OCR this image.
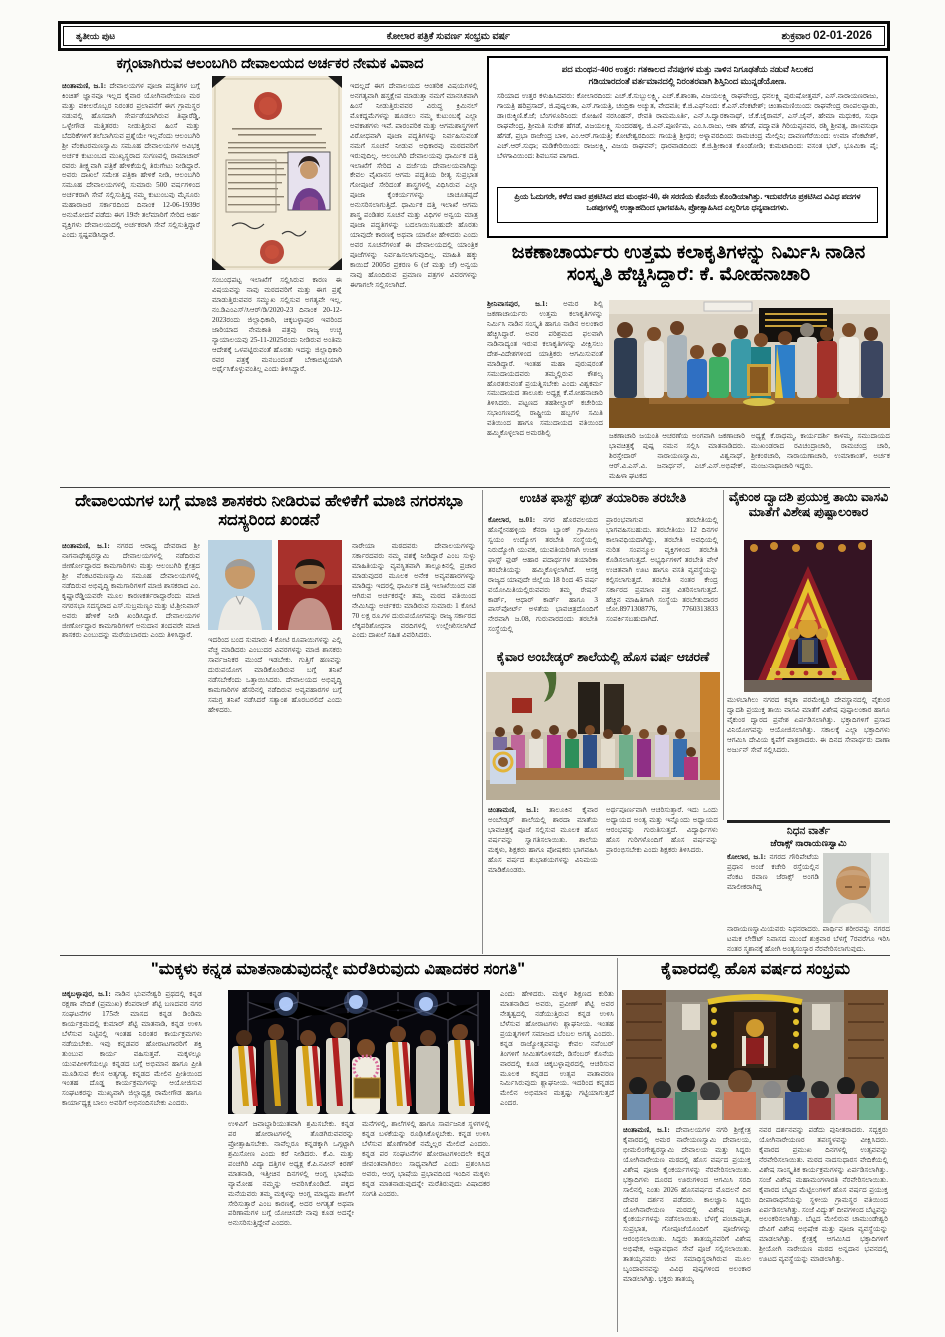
ತೃತೀಯ ಪುಟ	ಕೋಲಾರ ಪತ್ರಿಕೆ ಸುವರ್ಣ ಸಂಭ್ರಮ ವರ್ಷ	ಶುಕ್ರವಾರ 02-01-2026
ಕಗ್ಗಂಟಾಗಿರುವ ಆಲಂಬಗಿರಿ ದೇವಾಲಯದ ಅರ್ಚಕರ ನೇಮಕ ವಿವಾದ
ಚಿಂತಾಮಣಿ, ಜ.1: ದೇವಾಲಯಗಳ ಪೂಜಾ ಪದ್ಧತಿಗಳ ಬಗ್ಗೆ ಕಿಂಚಿತ್ ಜ್ಞಾನವೂ ಇಲ್ಲದ ಕೈವಾರ ಯೋಗಿನಾರೇಯಣ ಮಠ ಮತ್ತು ವಕೀಲರೊಬ್ಬರ ನಿರಂತರ ಪ್ರಲಾಪನೆಗೆ ಈಗ ಗ್ರಾಮಸ್ಥರ ನಡುವಲ್ಲಿ ಹೊಸದಾಗಿ ಸೇರ್ಪಡೆಯಾಗಿರುವ ತಿಪ್ಪಾರೆಡ್ಡಿ, ಒಳ್ಳೇಗೌಡ ಮತ್ತಿತರರು ನೀಡುತ್ತಿರುವ ಹಿಂಸೆ ಮತ್ತು ಬೆದರಿಕೆಗಳಿಗೆ ತಲೆಬಾಗಿಸುವ ಪ್ರಶ್ನೆಯೇ ಇಲ್ಲವೆಂದು ಆಲಂಬಗಿರಿ ಶ್ರೀ ವೆಂಕಟರಮಣಸ್ವಾಮಿ ಸಮೂಹ ದೇವಾಲಯಗಳ ಅವಿಭಕ್ತ ಅರ್ಚಕ ಕುಟುಂಬದ ಮುಖ್ಯಸ್ಥರಾದ ಸುಗಣವಲ್ಲಿ ರಾಮಾಚಾರ್ ರವರು ತೀಕ್ಷ್ಣವಾಗಿ ಪತ್ರಿಕೆ ಹೇಳಿಕೆಯಲ್ಲಿ ತಿರುಗೇಟು ನೀಡಿದ್ದಾರೆ. ಅವರು ದಾಖಲೆ ಸಮೇತ ಪತ್ರಿಕಾ ಹೇಳಿಕೆ ನೀಡಿ, ಆಲಂಬಗಿರಿ ಸಮೂಹ ದೇವಾಲಯಗಳಲ್ಲಿ ಸುಮಾರು 500 ವರ್ಷಗಳಿಂದ ಅರ್ಚಕರಾಗಿ ಸೇವೆ ಸಲ್ಲಿಸುತ್ತಿದ್ದ ನಮ್ಮ ಕುಟುಂಬವು ಮೈಸೂರು ಮಹಾರಾಜರ ಸರ್ಕಾರದಿಂದ ದಿನಾಂಕ 12-06-1939ರ ಅನುಮೋದನೆ ಪಡೆದು ಈಗ 19ನೇ ತಲೆಮಾರಿಗೆ ಸೇರಿದ ಅರ್ಹ ವ್ಯಕ್ತಿಗಳು ದೇವಾಲಯದಲ್ಲಿ ಅರ್ಚಕರಾಗಿ ಸೇವೆ ಸಲ್ಲಿಸುತ್ತಿದ್ದಾರೆ ಎಂದು ಸ್ಪಷ್ಟಪಡಿಸಿದ್ದಾರೆ.
ಸಂಬಂಧಪಟ್ಟ ಇಲಾಖೆಗೆ ಸಲ್ಲಿಸಿರುವ ಕಾರಣ ಈ ವಿಷಯವನ್ನು ನಾವು ಮಠದವರಿಗೆ ಮತ್ತು ಈಗ ಪ್ರಶ್ನೆ ಮಾಡುತ್ತಿರುವವರ ಸಮ್ಮುಖ ಸಲ್ಲಿಸುವ ಅಗತ್ಯವೇ ಇಲ್ಲ. ನಂ.ಡಿಎಂಎಸ್/ಸಿಆರ್/ಡಿ/2020-23 ದಿನಾಂಕ 20-12-2023ರಂದು ಜಿಲ್ಲಾಧಿಕಾರಿ, ಚಿಕ್ಕಬಳ್ಳಾಪುರ ಇವರಿಂದ ಜಾರಿಯಾದ ನೇಮಕಾತಿ ಪತ್ರವು ರಾಜ್ಯ ಉಚ್ಚ ನ್ಯಾಯಾಲಯವು 25-11-2025ರಂದು ನೀಡಿರುವ ಅಂತಿಮ ಆದೇಶಕ್ಕೆ ಒಳಪಟ್ಟಿರುವಂತೆ ಹೊರತು ಇದನ್ನು ಜಿಲ್ಲಾಧಿಕಾರಿ ರವರ ಪತ್ರಕ್ಕೆ ಮನಬಂದಂತೆ ಬೇಕಾಬಿಟ್ಟಿಯಾಗಿ ಅರ್ಥೈಸಿಕೊಳ್ಳುವಂತಿಲ್ಲ ಎಂದು ತಿಳಿಸಿದ್ದಾರೆ.
ಇದಲ್ಲದೆ ಈಗ ದೇವಾಲಯದ ಆಂತರಿಕ ವಿಷಯಗಳಲ್ಲಿ ಅನಗತ್ಯವಾಗಿ ಹಸ್ತಕ್ಷೇಪ ಮಾಡುತ್ತಾ ನಮಗೆ ಮಾನಸಿಕವಾಗಿ ಹಿಂಸೆ ನೀಡುತ್ತಿರುವವರ ವಿರುದ್ಧ ಕ್ರಿಮಿನಲ್ ಮೊಕದ್ದಮೆಗಳನ್ನು ಹೂಡಲು ನಮ್ಮ ಕುಟುಂಬಕ್ಕೆ ಎಲ್ಲಾ ಅವಕಾಶಗಳು ಇವೆ. ಪಾರಂಪರಿಕ ಮತ್ತು ಆಗಮಶಾಸ್ತ್ರಗಳಿಗೆ ವಿರೋಧವಾಗಿ ಪೂಜಾ ಪದ್ಧತಿಗಳನ್ನು ನಿರ್ವಹಿಸುವಂತೆ ನಮಗೆ ಸೂಚನೆ ನೀಡುವ ಅಧಿಕಾರವು ಮಠದವರಿಗೆ ಇರುವುದಿಲ್ಲ. ಆಲಂಬಗಿರಿ ದೇವಾಲಯವು ಧಾರ್ಮಿಕ ದತ್ತಿ ಇಲಾಖೆಗೆ ಸೇರಿದ ವಿ ದರ್ಜೆಯ ದೇವಾಲಯವಾಗಿದ್ದು ಕೇವಲ ವೈಖಾನಸ ಆಗಮ ಪದ್ಧತಿಯ ರೀತ್ಯ ಸುಪ್ರಭಾತ ಗೋಪೂಜೆ ಸೇರಿದಂತೆ ಶಾಸ್ತ್ರಗಳಲ್ಲಿ ವಿಧಿಸಿರುವ ಎಲ್ಲಾ ಪೂಜಾ ಕೈಂಕರ್ಯಗಳನ್ನು ಚಾಚೂತಪ್ಪದೆ ಅನುಸರಿಸಲಾಗುತ್ತಿದೆ. ಧಾರ್ಮಿಕ ದತ್ತಿ ಇಲಾಖೆ ಆಗಮ ಶಾಸ್ತ್ರ ಪಂಡಿತರ ಸೂಚನೆ ಮತ್ತು ವಿಧಿಗಳ ಅನ್ವಯ ಮಾತ್ರ ಪೂಜಾ ಪದ್ಧತಿಗಳನ್ನು ಬದಲಾಯಿಸಬಹುದೇ ಹೊರತು ಯಾವುದೇ ಕಾರಣಕ್ಕೆ ಅಥವಾ ಯಾರೋ ಹೇಳಿದರು ಎಂದು ಅವರ ಸೂಚನೆಗಳಂತೆ ಈ ದೇವಾಲಯದಲ್ಲಿ ಯಾಂತ್ರಿಕ ಪೂಜೆಗಳನ್ನು ನಿರ್ವಹಿಸಲಾಗುವುದಿಲ್ಲ. ಮಾಹಿತಿ ಹಕ್ಕು ಕಾಯಿದೆ 2005ರ ಪ್ರಕರಣ 6 (ಜೆ ಮತ್ತು ಜೆ) ಅನ್ವಯ ನಾವು ಹೊಂದಿರುವ ಪ್ರಮಾಣ ಪತ್ರಗಳ ವಿವರಗಳನ್ನು ಈಗಾಗಲೇ ಸಲ್ಲಿಸಲಾಗಿದೆ.
ಪದ ಮಂಥನ-40ರ ಉತ್ತರ: ಗತಕಾಲದ ನೆನಪುಗಳ ಮತ್ತು ನಾಳಿನ ನಿಗೂಢತೆಯ ನಡುವೆ ಸಿಲುಕದ
ಗಡಿಯಾರದಂತೆ ವರ್ತಮಾನದಲ್ಲಿ ನಿರಂತರವಾಗಿ ಶಿಸ್ತಿನಿಂದ ಮುನ್ನಡೆಯೋಣ.
ಸರಿಯಾದ ಉತ್ತರ ಕಳುಹಿಸಿದವರು: ಕೋಲಾರದಿಂದ: ಎಚ್.ಕೆ.ಸುಬ್ಬುಲಕ್ಷ್ಮಿ, ಎಚ್.ಕೆ.ಶಾಂತಾ, ವಿಜಯಲಕ್ಷ್ಮಿ ರಾಘವೇಂದ್ರ, ಧನಲಕ್ಷ್ಮಿ ಪುರುಷೋತ್ತಮ್, ಎಸ್.ನಾರಾಯಣರಾಜು, ಗಾಯತ್ರಿ ಹರಿಪ್ರಸಾದ್, ಜಿ.ಪುಷ್ಪಲತಾ, ಎಸ್.ಗಾಯತ್ರಿ, ಚಂದ್ರಿಕಾ ಅಚ್ಯುತ, ವೇದವತಿ; ಕೆ.ಜಿ.ಎಫ್‌ನಿಂದ: ಕೆ.ಎಸ್.ವೆಂಕಟೇಶ್; ಚಿಂತಾಮಣಿಯಿಂದ: ರಾಘವೇಂದ್ರ ರಾಂಪಲಪ್ಪಾಡು, ಡಾ।ರುಕ್ಮಿಣಿ.ಕೆ.ಜೆ; ಬೆಂಗಳೂರಿನಿಂದ: ರೋಹಿಣಿ ನರಸಿಂಹನ್, ರೇವತಿ ರಾಮಮೂರ್ತಿ, ಎನ್.ಸಿ.ದ್ವಾರಕಾನಾಥ್, ಜೆ.ಕೆ.ಜೈರಾಮ್, ಎಸ್.ಜೈನ್, ಹೇಮಾ ಮಧುಕರ, ಸುಧಾ ರಾಘವೇಂದ್ರ, ಶ್ರೀಮತಿ ಸುರೇಶ ಹೆಗಡೆ, ವಿಜಯಲಕ್ಷ್ಮಿ ಸುಂದರಹಳ್ಳಿ, ಜಿ.ಎನ್.ಪೂರ್ಣಿಮ, ಎಂ.ಸಿ.ರಾಜು, ಆಶಾ ಹೆಗಡೆ, ಪದ್ಮಾವತಿ ಗಿರಿಯಪ್ಪನವರ, ರಶ್ಮಿ ಶ್ರೀವತ್ಸ, ಡಾ।ವಸುಧಾ ಹೆಗಡೆ, ಪ್ರಭಾ ರಾಜೇಂದ್ರ ಬಾಳಿ, ಎಂ.ಆರ್.ಗಾಯತ್ರಿ; ಕೋಟೇಶ್ವರದಿಂದ: ಗಾಯತ್ರಿ ಶ್ರೀಧರ; ಅಳ್ನಾವರದಿಂದ: ರಾಮಚಂದ್ರ ಮೇಲ್ಗಿನಿ; ದಾವಣಗೆರೆಯಿಂದ: ಉಮಾ ವೆಂಕಟೇಶ್, ಎಚ್.ಆರ್.ಸುಧಾ; ಮಡಿಕೇರಿಯಿಂದ: ರಾಜಲಕ್ಷ್ಮಿ, ವಿಜಯ ರಾಘವನ್; ಧಾರವಾಡದಿಂದ: ಕೆ.ಜಿ.ಶ್ರೀಕಾಂತ ಕೊಂಡೋಡಿ; ಕುಮಟಾದಿಂದ: ವಸಂತ ಭಟ್, ಭೂಮಿಕಾ ಪೈ; ಬೆಳಗಾವಿಯಿಂದ: ಶಿವಬಸವ ಪಾಗಾದ.
ಪ್ರಿಯ ಓದುಗರೇ, ಕಳೆದ ವಾರ ಪ್ರಕಟಿಸಿದ ಪದ ಮಂಥನ-40, ಈ ಸರಣಿಯ ಕೊನೆಯ ಕೊಂಡಿಯಾಗಿತ್ತು. ಇದುವರೆಗೂ ಪ್ರಕಟಿಸಿದ ವಿವಿಧ ಪದಗಳ ಒಡಪುಗಳಲ್ಲಿ ಉತ್ಸಾಹದಿಂದ ಭಾಗವಹಿಸಿ, ಪ್ರೋತ್ಸಾಹಿಸಿದ ಎಲ್ಲರಿಗೂ ಧನ್ಯವಾದಗಳು.
ಜಕಣಾಚಾರ್ಯರು ಉತ್ತಮ ಕಲಾಕೃತಿಗಳನ್ನು ನಿರ್ಮಿಸಿ ನಾಡಿನ ಸಂಸ್ಕೃತಿ ಹೆಚ್ಚಿಸಿದ್ದಾರೆ: ಕೆ. ಮೋಹನಾಚಾರಿ
ಶ್ರೀನಿವಾಸಪುರ, ಜ.1: ಅಮರ ಶಿಲ್ಪಿ ಜಕಣಾಚಾರ್ಯರು ಉತ್ತಮ ಕಲಾಕೃತಿಗಳನ್ನು ನಿರ್ಮಿಸಿ ನಾಡಿನ ಸಂಸ್ಕೃತಿ ಹಾಗೂ ನಾಡಿನ ಅಲಂಕಾರ ಹೆಚ್ಚಿಸಿದ್ದಾರೆ. ಅವರ ಪರಿಶ್ರಮದ ಫಲವಾಗಿ ನಾಡಿನಾದ್ಯಂತ ಇರುವ ಕಲಾಕೃತಿಗಳನ್ನು ವೀಕ್ಷಿಸಲು ದೇಶ-ವಿದೇಶಗಳಿಂದ ಯಾತ್ರಿಕರು ಆಗಮಿಸುವಂತೆ ಮಾಡಿದ್ದಾರೆ. ಇಂತಹ ಮಹಾ ಪುರುಷರಂತೆ ಸಮುದಾಯದವರು ತಮ್ಮಲ್ಲಿರುವ ಕೌಶಲ್ಯ ಹೊರತರುವಂತೆ ಪ್ರಯತ್ನಿಸಬೇಕು ಎಂದು ವಿಶ್ವಕರ್ಮ ಸಮುದಾಯದ ತಾಲೂಕು ಅಧ್ಯಕ್ಷ ಕೆ.ಮೋಹನಾಚಾರಿ ತಿಳಿಸಿದರು. ಪಟ್ಟಣದ ತಹಶೀಲ್ದಾರ್ ಕಚೇರಿಯ ಸಭಾಂಗಣದಲ್ಲಿ ರಾಷ್ಟ್ರೀಯ ಹಬ್ಬಗಳ ಸಮಿತಿ ವತಿಯಿಂದ ಹಾಗೂ ಸಮುದಾಯದ ವತಿಯಿಂದ ಹಮ್ಮಿಕೊಳ್ಳಲಾದ ಅಮರಶಿಲ್ಪಿ	ಜಕಣಾಚಾರಿ ಜಯಂತಿ ಆಚರಣೆಯ ಅಂಗವಾಗಿ ಜಕಣಾಚಾರಿ ಭಾವಚಿತ್ರಕ್ಕೆ ಪುಷ್ಪ ನಮನ ಸಲ್ಲಿಸಿ ಮಾತನಾಡಿದರು. ಶಿರಸ್ತೇದಾರ್ ನಾರಾಯಣಸ್ವಾಮಿ, ವಿಶ್ವನಾಥ್, ಆರ್.ವಿ.ಎಸ್.ವಿ. ಜನಾರ್ಧನ್, ಎಚ್.ಎಸ್.ಅಭಿಷೇಕ್, ಮಹಿಳಾ ಘಟಕದ
ಅಧ್ಯಕ್ಷೆ ಕೆ.ರಾಧಮ್ಮ, ಕಾರ್ಯದರ್ಶಿ ಕಾಳಮ್ಮ, ಸಮುದಾಯದ ಮುಖಂಡರಾದ ರವಿಚಂದ್ರಾಚಾರಿ, ರಾಮಚಂದ್ರ ಚಾರಿ, ಶ್ರೀಕಂಠಚಾರಿ, ನಾರಾಯಣಾಚಾರಿ, ಉಮಾಕಾಂತ್, ಅರ್ಚಕ ಮಂಜುನಾಥಾಚಾರಿ ಇದ್ದರು.
ದೇವಾಲಯಗಳ ಬಗ್ಗೆ ಮಾಜಿ ಶಾಸಕರು ನೀಡಿರುವ ಹೇಳಿಕೆಗೆ ಮಾಜಿ ನಗರಸಭಾ ಸದಸ್ಯರಿಂದ ಖಂಡನೆ
ಚಿಂತಾಮಣಿ, ಜ.1: ನಗರದ ಆರಾಧ್ಯ ದೇವರಾದ ಶ್ರೀ ನಾಗನಾಥೇಶ್ವರಸ್ವಾಮಿ ದೇವಾಲಯಗಳಲ್ಲಿ ನಡೆದಿರುವ ಜೀರ್ಣೋದ್ಧಾರದ ಕಾಮಗಾರಿಗಳು ಮತ್ತು ಆಲಂಬಗಿರಿ ಕ್ಷೇತ್ರದ ಶ್ರೀ ವೆಂಕಟರಮಣಸ್ವಾಮಿ ಸಮೂಹ ದೇವಾಲಯಗಳಲ್ಲಿ ನಡೆದಿರುವ ಅಭಿವೃದ್ಧಿ ಕಾಮಗಾರಿಗಳಿಗೆ ಮಾಜಿ ಶಾಸಕರಾದ ಎಂ. ಕೃಷ್ಣಾರೆಡ್ಡಿಯವರೇ ಮೂಲ ಕಾರಣಕರ್ತರಾದ್ದಾರೆಂದು ಮಾಜಿ ನಗರಸಭಾ ಸದಸ್ಯರಾದ ಎಸ್.ಸುಬ್ರಮಣ್ಯಂ ಮತ್ತು ಟಿ.ಶ್ರೀನಿವಾಸ್ ಅವರು ಹೇಳಿಕೆ ನೀಡಿ ಖಂಡಿಸಿದ್ದಾರೆ. ದೇವಾಲಯಗಳ ಜೀರ್ಣೋದ್ಧಾರ ಕಾಮಗಾರಿಗಳಿಗೆ ಅನುದಾನ ತಂದವರೇ ಮಾಜಿ ಶಾಸಕರು ಎಂಬುದನ್ನು ಮರೆಯಬಾರದು ಎಂದು ತಿಳಿಸಿದ್ದಾರೆ.
ಇದರಿಂದ ಬಂದ ಸುಮಾರು 4 ಕೋಟಿ ರೂಪಾಯಿಗಳನ್ನು ಎಲ್ಲಿ ವೆಚ್ಚ ಮಾಡಿದರು ಎಂಬುದರ ವಿವರಗಳನ್ನು ಮಾಜಿ ಶಾಸಕರು ಸಾರ್ವಜನಿಕರ ಮುಂದೆ ಇಡಬೇಕು. ಗುತ್ತಿಗೆ ಹಣವನ್ನು ದುರುಪಯೋಗ ಮಾಡಿಕೊಂಡಿರುವ ಬಗ್ಗೆ ತನಿಖೆ ನಡೆಸಬೇಕೆಂದು ಒತ್ತಾಯಿಸಿದರು. ದೇವಾಲಯದ ಅಭಿವೃದ್ಧಿ ಕಾಮಗಾರಿಗಳ ಹೆಸರಿನಲ್ಲಿ ನಡೆದಿರುವ ಅವ್ಯವಹಾರಗಳ ಬಗ್ಗೆ ಸಮಗ್ರ ತನಿಖೆ ನಡೆಸಿದರೆ ಸತ್ಯಾಂಶ ಹೊರಬರಲಿದೆ ಎಂದು ಹೇಳಿದರು.
ನಾರೇಯಾ ಮಠದವರು ದೇವಾಲಯಗಳನ್ನು ಸರ್ಕಾರದವರು ನಮ್ಮ ವಶಕ್ಕೆ ನೀಡಿದ್ದಾರೆ ಎಂಬ ಸುಳ್ಳು ಮಾಹಿತಿಯನ್ನು ವ್ಯವಸ್ಥಿತವಾಗಿ ತಾಲ್ಲೂಕಿನಲ್ಲಿ ಪ್ರಚಾರ ಮಾಡುವುದರ ಮೂಲಕ ಅನೇಕ ಅವ್ಯವಹಾರಗಳನ್ನು ಮಾಡಿದ್ದು ಇದರಲ್ಲಿ ಧಾರ್ಮಿಕ ದತ್ತಿ ಇಲಾಖೆಯಿಂದ ವಶ ಆಗಿರುವ ಅರ್ಚಕರನ್ನೇ ತಮ್ಮ ಮಠದ ವತಿಯಿಂದ ನೇಮಿಸಿದ್ದು ಅರ್ಚಕರು ಮಾಡಿರುವ ಸುಮಾರು 1 ಕೋಟಿ 70 ಲಕ್ಷ ರೂ.ಗಳ ದುರುಪಯೋಗವನ್ನು ರಾಜ್ಯ ಸರ್ಕಾರದ ಲೆಕ್ಕಪರಿಶೋಧನಾ ವರದಿಗಳಲ್ಲಿ ಉಲ್ಲೇಖಿಸಲಾಗಿದೆ ಎಂದು ದಾಖಲೆ ಸಹಿತ ವಿವರಿಸಿದರು.
ಉಚಿತ ಫಾಸ್ಟ್ ಫುಡ್ ತಯಾರಿಕಾ ತರಬೇತಿ
ಕೋಲಾರ, ಜ.01: ನಗರ ಹೊರವಲಯದ ಹೊನ್ನೇನಹಳ್ಳಿಯ ಕೆನರಾ ಬ್ಯಾಂಕ್ ಗ್ರಾಮೀಣ ಸ್ವಯಂ ಉದ್ಯೋಗ ತರಬೇತಿ ಸಂಸ್ಥೆಯಲ್ಲಿ ನಿರುದ್ಯೋಗಿ ಯುವಕ, ಯುವತಿಯರಿಗಾಗಿ ಉಚಿತ ಫಾಸ್ಟ್ ಫುಡ್ ಆಹಾರ ಪದಾರ್ಥಗಳ ತಯಾರಿಕಾ ತರಬೇತಿಯನ್ನು ಹಮ್ಮಿಕೊಳ್ಳಲಾಗಿದೆ. ಆಸಕ್ತ ರಾಜ್ಯದ ಯಾವುದೇ ಜಿಲ್ಲೆಯ 18 ರಿಂದ 45 ವರ್ಷ ವಯೋಮಿತಿಯಲ್ಲಿರುವವರು ತಮ್ಮ ರೇಷನ್ ಕಾರ್ಡ್, ಆಧಾರ್ ಕಾರ್ಡ್ ಹಾಗೂ 3 ಪಾಸ್‌ಪೋರ್ಟ್ ಅಳತೆಯ ಭಾವಚಿತ್ರದೊಂದಿಗೆ ನೇರವಾಗಿ ಜ.08, ಗುರುವಾರದಂದು ತರಬೇತಿ ಸಂಸ್ಥೆಯಲ್ಲಿ
ಪ್ರಾರಂಭವಾಗುವ ತರಬೇತಿಯಲ್ಲಿ ಭಾಗವಹಿಸಬಹುದು. ತರಬೇತಿಯು 12 ದಿನಗಳ ಕಾಲಾವಧಿಯದಾಗಿದ್ದು, ತರಬೇತಿ ಅವಧಿಯಲ್ಲಿ ನುರಿತ ಸಂಪನ್ಮೂಲ ವ್ಯಕ್ತಿಗಳಿಂದ ತರಬೇತಿ ಕೊಡಿಸಲಾಗುತ್ತದೆ. ಅಭ್ಯರ್ಥಿಗಳಿಗೆ ತರಬೇತಿ ವೇಳೆ ಉಚಿತವಾಗಿ ಊಟ ಹಾಗೂ ವಸತಿ ವ್ಯವಸ್ಥೆಯನ್ನು ಕಲ್ಪಿಸಲಾಗುತ್ತದೆ. ತರಬೇತಿ ನಂತರ ಕೇಂದ್ರ ಸರ್ಕಾರದ ಪ್ರಮಾಣ ಪತ್ರ ವಿತರಿಸಲಾಗುತ್ತದೆ. ಹೆಚ್ಚಿನ ಮಾಹಿತಿಗಾಗಿ ಸಂಸ್ಥೆಯ ತರಬೇತುದಾರರ ಜೋ.8971308776, 7760313833 ಸಂಪರ್ಕಿಸಬಹುದಾಗಿದೆ.
ಕೈವಾರ ಅಂಬೇಡ್ಕರ್ ಶಾಲೆಯಲ್ಲಿ ಹೊಸ ವರ್ಷ ಆಚರಣೆ
ಚಿಂತಾಮಣಿ, ಜ.1: ತಾಲೂಕಿನ ಕೈವಾರ ಅಂಬೇಡ್ಕರ್ ಶಾಲೆಯಲ್ಲಿ ಶಾರದಾ ಮಾತೆಯ ಭಾವಚಿತ್ರಕ್ಕೆ ಪೂಜೆ ಸಲ್ಲಿಸುವ ಮೂಲಕ ಹೊಸ ವರ್ಷವನ್ನು ಸ್ವಾಗತಿಸಲಾಯಿತು. ಶಾಲೆಯ ಮಕ್ಕಳು, ಶಿಕ್ಷಕರು ಹಾಗೂ ಪೋಷಕರು ಭಾಗವಹಿಸಿ ಹೊಸ ವರ್ಷದ ಶುಭಾಶಯಗಳನ್ನು ವಿನಿಮಯ ಮಾಡಿಕೊಂಡರು.
ಅರ್ಥಪೂರ್ಣವಾಗಿ ಆಚರಿಸುತ್ತಾರೆ. ಇದು ಒಂದು ಅಧ್ಯಾಯದ ಅಂತ್ಯ ಮತ್ತು ಇನ್ನೊಂದು ಅಧ್ಯಾಯದ ಆರಂಭವನ್ನು ಗುರುತಿಸುತ್ತದೆ. ವಿದ್ಯಾರ್ಥಿಗಳು ಹೊಸ ಗುರಿಗಳೊಂದಿಗೆ ಹೊಸ ವರ್ಷವನ್ನು ಪ್ರಾರಂಭಿಸಬೇಕು ಎಂದು ಶಿಕ್ಷಕರು ತಿಳಿಸಿದರು.
ವೈಕುಂಠ ದ್ವಾದಶಿ ಪ್ರಯುಕ್ತ ತಾಯಿ ವಾಸವಿ ಮಾತೆಗೆ ವಿಶೇಷ ಪುಷ್ಪಾಲಂಕಾರ
ಮುಳಬಾಗಿಲು ನಗರದ ಕನ್ಯಕಾ ಪರಮೇಶ್ವರಿ ದೇವಸ್ಥಾನದಲ್ಲಿ ವೈಕುಂಠ ದ್ವಾದಶಿ ಪ್ರಯುಕ್ತ ತಾಯಿ ವಾಸವಿ ಮಾತೆಗೆ ವಿಶೇಷ ಪುಷ್ಪಾಲಂಕಾರ ಹಾಗೂ ವೈಕುಂಠ ದ್ವಾರದ ಪ್ರವೇಶ ಏರ್ಪಡಿಸಲಾಗಿತ್ತು. ಭಕ್ತಾದಿಗಳಿಗೆ ಪ್ರಸಾದ ವಿನಿಯೋಗವನ್ನು ಆಯೋಜಿಸಲಾಗಿತ್ತು. ಸಕಾಲಕ್ಕೆ ಎಲ್ಲಾ ಭಕ್ತಾದಿಗಳು ಆಗಮಿಸಿ ದೇವಿಯ ಕೃಪೆಗೆ ಪಾತ್ರರಾದರು. ಈ ದಿನದ ಸೇವಾರ್ಥರು ದಾಣಾ ಅರ್ಜುನ್ ಸೇವೆ ಸಲ್ಲಿಸಿದರು.
ನಿಧನ ವಾರ್ತೆ
ಜೆರಾಕ್ಸ್ ನಾರಾಯಣಸ್ವಾಮಿ
ಕೋಲಾರ, ಜ.1: ನಗರದ ಗೌರಿಪೇಟೆಯ ಪ್ರಧಾನ ಅಂಚೆ ಕಚೇರಿ ರಸ್ತೆಯಲ್ಲಿನ ವೆಂಕಟ ರವಾಣ ಜೆರಾಕ್ಸ್ ಅಂಗಡಿ ಮಾಲೀಕರಾಗಿದ್ದ
ನಾರಾಯಣಸ್ವಾಮಿಯವರು ನಿಧನರಾದರು. ಪಾರ್ಥಿವ ಶರೀರವನ್ನು ನಗರದ ಟಮಕ ಲೇಔಟ್ ನಿವಾಸದ ಮುಂದೆ ಶುಕ್ರವಾರ ಬೆಳಗ್ಗೆ 7ರವರೆಗೂ ಇರಿಸಿ ನಂತರ ಸ್ಮಶಾನಕ್ಕೆ ಹೋಗಿ ಅಂತ್ಯಸಂಸ್ಕಾರ ನೆರವೇರಿಸಲಾಗುವುದು.
"ಮಕ್ಕಳು ಕನ್ನಡ ಮಾತನಾಡುವುದನ್ನೇ ಮರೆತಿರುವುದು ವಿಷಾದಕರ ಸಂಗತಿ"
ಚಿಕ್ಕಬಳ್ಳಾಪುರ, ಜ.1: ನಾಡಿನ ಭುವನೇಶ್ವರಿ ಪ್ರಥದಲ್ಲಿ ಕನ್ನಡ ರಕ್ಷಣಾ ವೇದಿಕೆ (ಪ್ರಮುಖ) ಕೆಂಪರಾಜ್ ಶೆಟ್ಟಿ ಬಣದವರ ನಗರ ಸಂಘಟನೆಗಳ 175ನೇ ಮಾಸದ ಕನ್ನಡ ಡಿಂಡಿಮ ಕಾರ್ಯಕ್ರಮದಲ್ಲಿ ಕುಮಾರ್ ಶೆಟ್ಟಿ ಮಾತನಾಡಿ, ಕನ್ನಡ ಉಳಿಸಿ ಬೆಳೆಸುವ ನಿಟ್ಟಿನಲ್ಲಿ ಇಂತಹ ನಿರಂತರ ಕಾರ್ಯಕ್ರಮಗಳು ನಡೆಯಬೇಕು. ಇವು ಕನ್ನಡಪರ ಹೋರಾಟಗಾರರಿಗೆ ಶಕ್ತಿ ತುಂಬುವ ಕಾರ್ಯ ವಹಿಸುತ್ತವೆ. ಮಕ್ಕಳಲ್ಲೂ ಯುವಪೀಳಿಗೆಯಲ್ಲೂ ಕನ್ನಡದ ಬಗ್ಗೆ ಅಭಿಮಾನ ಹಾಗೂ ಪ್ರೀತಿ ಮೂಡಿಸುವ ಕೆಲಸ ಅತ್ಯಗತ್ಯ. ಕನ್ನಡದ ಮೇಲಿನ ಪ್ರೀತಿಯಿಂದ ಇಂತಹ ದೊಡ್ಡ ಕಾರ್ಯಕ್ರಮಗಳನ್ನು ಆಯೋಜಿಸುವ ಸಂಘಟಕರನ್ನು ಮುಖ್ಯವಾಗಿ ಜಿಲ್ಲಾಧ್ಯಕ್ಷ ರಾಮೇಗೌಡ ಹಾಗೂ ಕಾರ್ಯಾಧ್ಯಕ್ಷ ಬಾಲು ಅವರಿಗೆ ಅಭಿನಂದಿಸಬೇಕು ಎಂದರು.
ಉಳಿವಿಗೆ ಜವಾಬ್ದಾರಿಯುತವಾಗಿ ಶ್ರಮಿಸಬೇಕು. ಕನ್ನಡ ಪರ ಹೋರಾಟಗಳಲ್ಲಿ ತೊಡಗಿರುವವರನ್ನು ಪ್ರೋತ್ಸಾಹಿಸಬೇಕು. ನಾವೆಲ್ಲರೂ ಕನ್ನಡಕ್ಕಾಗಿ ಒಗ್ಗಟ್ಟಾಗಿ ಶ್ರಮಿಸೋಣ ಎಂದು ಕರೆ ನೀಡಿದರು. ಕೆ.ವಿ. ಮತ್ತು ಪಂಚಗಿರಿ ವಿದ್ಯಾ ದತ್ತಿಗಳ ಅಧ್ಯಕ್ಷ ಕೆ.ಪಿ.ನವೀನ್ ಕಿರಣ್ ಮಾತನಾಡಿ, ಇತ್ತೀಚಿನ ದಿನಗಳಲ್ಲಿ ಆಂಗ್ಲ ಭಾಷೆಯ ವ್ಯಾಮೋಹ ನಮ್ಮನ್ನು ಆವರಿಸಿಕೊಂಡಿದೆ. ಪಕ್ಕದ ಮನೆಯವರು ತಮ್ಮ ಮಕ್ಕಳನ್ನು ಆಂಗ್ಲ ಮಾಧ್ಯಮ ಶಾಲೆಗೆ ಸೇರಿಸುತ್ತಾರೆ ಎಂಬ ಕಾರಣಕ್ಕೆ, ಅದರ ಅಗತ್ಯತೆ ಅಥವಾ ಪರಿಣಾಮಗಳ ಬಗ್ಗೆ ಯೋಚಿಸದೇ ನಾವು ಕೂಡ ಅದನ್ನೇ ಅನುಸರಿಸುತ್ತಿದ್ದೇವೆ ಎಂದರು.
ಮನೆಗಳಲ್ಲಿ, ಶಾಲೆಗಳಲ್ಲಿ ಹಾಗೂ ಸಾರ್ವಜನಿಕ ಸ್ಥಳಗಳಲ್ಲಿ ಕನ್ನಡ ಬಳಕೆಯನ್ನು ರೂಢಿಸಿಕೊಳ್ಳಬೇಕು. ಕನ್ನಡ ಉಳಿಸಿ ಬೆಳೆಸುವ ಹೊಣೆಗಾರಿಕೆ ನಮ್ಮೆಲ್ಲರ ಮೇಲಿದೆ ಎಂದರು. ಕನ್ನಡ ಪರ ಸಂಘಟನೆಗಳ ಹೋರಾಟಗಳಿಂದಲೇ ಕನ್ನಡ ಜೀವಂತವಾಗಿರಲು ಸಾಧ್ಯವಾಗಿದೆ ಎಂದು ಪ್ರಶಂಸಿಸಿದ ಅವರು, ಆಂಗ್ಲ ಭಾಷೆಯ ಪ್ರಭಾವದಿಂದ ಇಂದಿನ ಮಕ್ಕಳು ಕನ್ನಡ ಮಾತನಾಡುವುದನ್ನೇ ಮರೆತಿರುವುದು ವಿಷಾದಕರ ಸಂಗತಿ ಎಂದರು.
ಎಂದು ಹೇಳಿದರು. ಮಕ್ಕಳ ಶಿಕ್ಷಣದ ಕುರಿತು ಮಾತನಾಡಿದ ಅವರು, ಪ್ರವೀಣ್ ಶೆಟ್ಟಿ ಅವರ ನೇತೃತ್ವದಲ್ಲಿ ನಡೆಯುತ್ತಿರುವ ಕನ್ನಡ ಉಳಿಸಿ ಬೆಳೆಸುವ ಹೋರಾಟಗಳು ಶ್ಲಾಘನೀಯ. ಇಂತಹ ಪ್ರಯತ್ನಗಳಿಗೆ ಸಮಾಜದ ಬೆಂಬಲ ಅಗತ್ಯ ಎಂದರು. ಕನ್ನಡ ರಾಜ್ಯೋತ್ಸವವನ್ನು ಕೇವಲ ನವೆಂಬರ್ ತಿಂಗಳಿಗೆ ಸೀಮಿತಗೊಳಿಸದೇ, ಡಿಸೆಂಬರ್ ಕೊನೆಯ ವಾರದಲ್ಲಿ ಕೂಡ ಚಿಕ್ಕಬಳ್ಳಾಪುರದಲ್ಲಿ ಆಚರಿಸುವ ಮೂಲಕ ಕನ್ನಡದ ಉತ್ಸವ ವಾತಾವರಣ ನಿರ್ಮಿಸಿರುವುದು ಶ್ಲಾಘನೀಯ. ಇದರಿಂದ ಕನ್ನಡದ ಮೇಲಿನ ಅಭಿಮಾನ ಮತ್ತಷ್ಟು ಗಟ್ಟಿಯಾಗುತ್ತದೆ ಎಂದರ.
ಕೈವಾರದಲ್ಲಿ ಹೊಸ ವರ್ಷದ ಸಂಭ್ರಮ
ಚಿಂತಾಮಣಿ, ಜ.1: ದೇವಾಲಯಗಳ ನಗರಿ ಶ್ರೀಕ್ಷೇತ್ರ ಕೈವಾರದಲ್ಲಿ ಅಮರ ನಾರೇಯಣಸ್ವಾಮಿ ದೇವಾಲಯ, ಭೀಮಲಿಂಗೇಶ್ವರಸ್ವಾಮಿ ದೇವಾಲಯ ಮತ್ತು ಸಿದ್ದರು ಯೋಗಿನಾರೇಯಣ ಮಠದಲ್ಲಿ ಹೊಸ ವರ್ಷದ ಪ್ರಯುಕ್ತ ವಿಶೇಷ ಪೂಜಾ ಕೈಂಕರ್ಯಗಳನ್ನು ನೆರವೇರಿಸಲಾಯಿತು. ಭಕ್ತಾದಿಗಳು ದೂರದ ಊರುಗಳಿಂದ ಆಗಮಿಸಿ ಸರದಿ ಸಾಲಿನಲ್ಲಿ ನಿಂತು 2026 ಹೊಸವರ್ಷದ ಮೊದಲನೆ ದಿನ ದೇವರ ದರ್ಶನ ಪಡೆದರು. ಕಾಲಜ್ಞಾನಿ ಸಿದ್ದರು ಯೋಗಿನಾರೇಯಣ ಮಠದಲ್ಲಿ ವಿಶೇಷ ಪೂಜಾ ಕೈಂಕರ್ಯಗಳನ್ನು ನಡೆಸಲಾಯಿತು. ಬೆಳಗ್ಗೆ ಪಂಚಾಮೃತ, ಸುಪ್ರಭಾತ, ಗೋಪೂಜೆಯೊಂದಿಗೆ ಪೂಜೆಗಳನ್ನು ಆರಂಭಿಸಲಾಯಿತು. ಸಿದ್ದರು ತಾತಯ್ಯನವರಿಗೆ ವಿಶೇಷ ಅಭಿಷೇಕ, ಅಷ್ಟಾವಧಾನ ಸೇವೆ ಪೂಜೆ ಸಲ್ಲಿಸಲಾಯಿತು. ತಾತಯ್ಯನವರು ಜೀವ ಸಮಾಧಿಸ್ಥರಾಗಿರುವ ಮೂಲ ಬೃಂದಾವನವನ್ನು ವಿವಿಧ ಪುಷ್ಪಗಳಿಂದ ಅಲಂಕಾರ ಮಾಡಲಾಗಿತ್ತು. ಭಕ್ತರು ತಾತಯ್ಯ
ನವರ ದರ್ಶನವನ್ನು ಪಡೆದು ಪುನೀತರಾದರು. ಸದ್ಭಕ್ತರು ಯೋಗಿನಾರೇಯಣರ ತಪಃಸ್ಥಳವನ್ನು ವೀಕ್ಷಿಸಿದರು. ಕೈವಾರದ ಪ್ರಮುಖ ದಿನಗಳಲ್ಲಿ ಉತ್ಸವವನ್ನು ನೆರವೇರಿಸಲಾಯಿತು. ಮಠದ ನಾದಸುಧಾರಸ ವೇದಿಕೆಯಲ್ಲಿ ವಿಶೇಷ ಸಾಂಸ್ಕೃತಿಕ ಕಾರ್ಯಕ್ರಮಗಳನ್ನು ಏರ್ಪಡಿಸಲಾಗಿತ್ತು. ಸಂಜೆ ವಿಶೇಷ ಮಹಾಮಂಗಳಾರತಿ ನೆರವೇರಿಸಲಾಯಿತು. ಕೈವಾರದ ಬೆಟ್ಟದ ಮೆಟ್ಟಿಲುಗಳಿಗೆ ಹೊಸ ವರ್ಷದ ಪ್ರಯುಕ್ತ ದೀಪಾರಾಧನೆಯನ್ನು ಸ್ಥಳೀಯ ಗ್ರಾಮಸ್ಥರ ವತಿಯಿಂದ ಏರ್ಪಡಿಸಲಾಗಿತ್ತು. ಸಂಜೆ ವಿದ್ಯುತ್ ದೀಪಗಳಿಂದ ಬೆಟ್ಟವನ್ನು ಅಲಂಕರಿಸಲಾಗಿತ್ತು. ಬೆಟ್ಟದ ಮೇಲಿರುವ ಚಾಮುಂಡೇಶ್ವರಿ ದೇವಿಗೆ ವಿಶೇಷ ಅಭಿಷೇಕ ಮತ್ತು ಪೂಜಾ ವ್ಯವಸ್ಥೆಯನ್ನು ಮಾಡಲಾಗಿತ್ತು. ಕ್ಷೇತ್ರಕ್ಕೆ ಆಗಮಿಸಿದ ಭಕ್ತಾದಿಗಳಿಗೆ ಶ್ರೀಯೋಗಿ ನಾರೇಯಣ ಮಠದ ಅನ್ನದಾನ ಭವನದಲ್ಲಿ ಊಟದ ವ್ಯವಸ್ಥೆಯನ್ನು ಮಾಡಲಾಗಿತ್ತು.
